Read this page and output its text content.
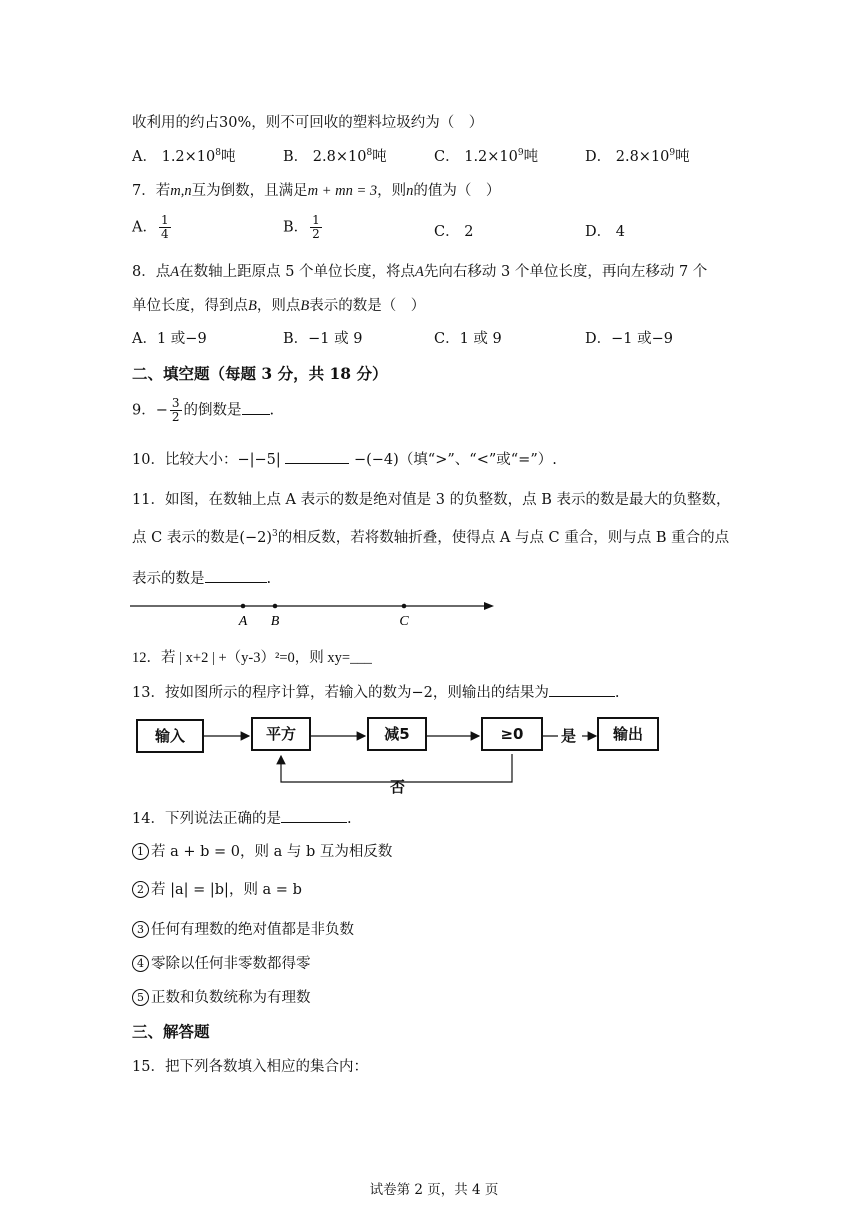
收利用的约占30%，则不可回收的塑料垃圾约为（　）
A． $1.2\times 10^8$吨	B． $2.8\times 10^8$吨	C． $1.2\times 10^9$吨	D． $2.8\times 10^9$吨
7．若m,n互为倒数，且满足m + mn = 3，则n的值为（　）
A． $\frac{1}{4}$	B． $\frac{1}{2}$	C． 2	D． 4
8．点A在数轴上距原点 5 个单位长度，将点A先向右移动 3 个单位长度，再向左移动 7 个
单位长度，得到点B，则点B表示的数是（　）
A．1 或−9	B．−1 或 9	C．1 或 9	D．−1 或−9
二、填空题（每题 3 分，共 18 分）
9．− $\frac{3}{2}$ 的倒数是 .
10．比较大小：−|−5|	−(−4)（填“>”、“<”或“=”）.
11．如图，在数轴上点 A 表示的数是绝对值是 3 的负整数，点 B 表示的数是最大的负整数，
点 C 表示的数是$(-2)^3$的相反数，若将数轴折叠，使得点 A 与点 C 重合，则与点 B 重合的点
表示的数是	.
A B	C
12．若 | x+2 | +（y-3）²=0，则 xy=___
13．按如图所示的程序计算，若输入的数为−2，则输出的结果为	.
输入	平方	减5	≥0	是	输出
否
14．下列说法正确的是	.
1 若 a + b = 0，则 a 与 b 互为相反数
2 若 |a| = |b|，则 a = b
3 任何有理数的绝对值都是非负数
4 零除以任何非零数都得零
5 正数和负数统称为有理数
三、解答题
15．把下列各数填入相应的集合内：
试卷第 2 页，共 4 页
